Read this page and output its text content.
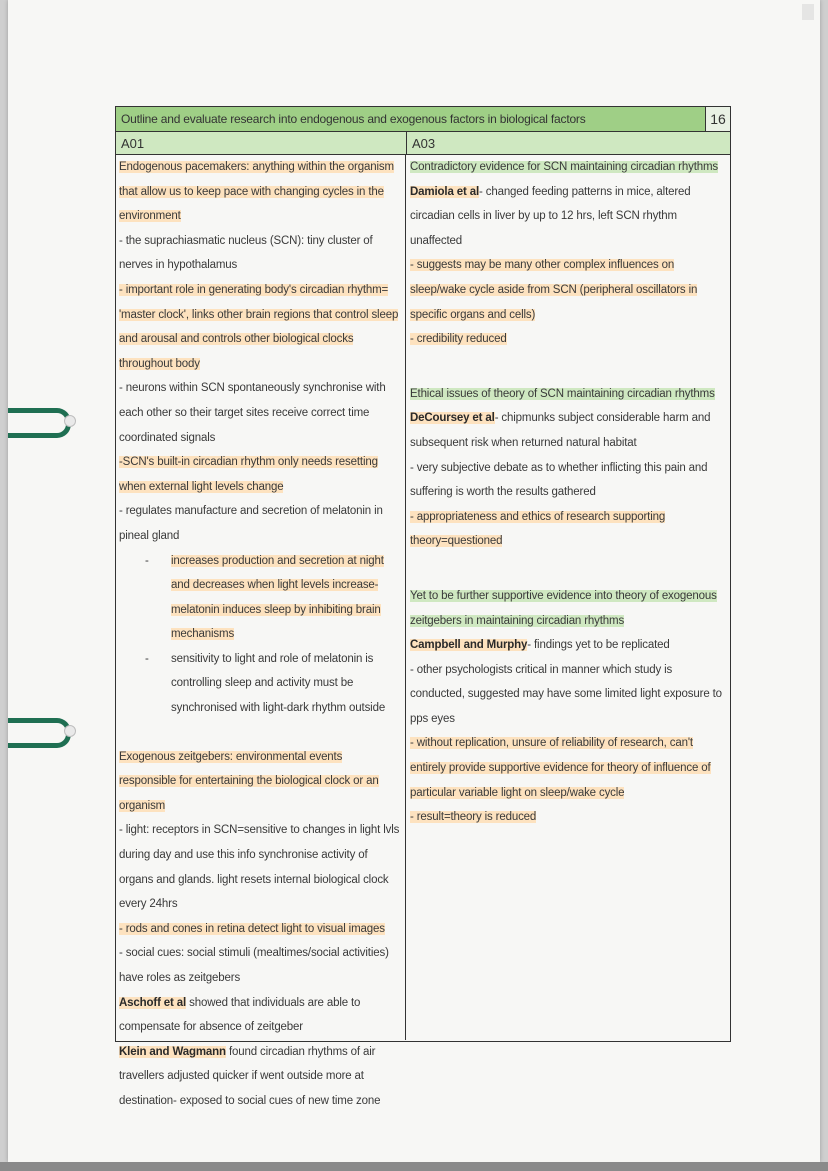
Outline and evaluate research into endogenous and exogenous factors in biological factors	16
A01	A03

Endogenous pacemakers: anything within the organism that allow us to keep pace with changing cycles in the environment

- the suprachiasmatic nucleus (SCN): tiny cluster of nerves in hypothalamus

- important role in generating body's circadian rhythm= 'master clock', links other brain regions that control sleep and arousal and controls other biological clocks throughout body

- neurons within SCN spontaneously synchronise with each other so their target sites receive correct time coordinated signals

-SCN's built-in circadian rhythm only needs resetting when external light levels change

- regulates manufacture and secretion of melatonin in pineal gland

- increases production and secretion at night and decreases when light levels increase- melatonin induces sleep by inhibiting brain mechanisms

- sensitivity to light and role of melatonin is controlling sleep and activity must be synchronised with light-dark rhythm outside

Exogenous zeitgebers: environmental events responsible for entertaining the biological clock or an organism

- light: receptors in SCN=sensitive to changes in light lvls during day and use this info synchronise activity of organs and glands. light resets internal biological clock every 24hrs

- rods and cones in retina detect light to visual images

- social cues: social stimuli (mealtimes/social activities) have roles as zeitgebers

Aschoff et al showed that individuals are able to compensate for absence of zeitgeber

Klein and Wagmann found circadian rhythms of air travellers adjusted quicker if went outside more at destination- exposed to social cues of new time zone

Contradictory evidence for SCN maintaining circadian rhythms

Damiola et al- changed feeding patterns in mice, altered circadian cells in liver by up to 12 hrs, left SCN rhythm unaffected

- suggests may be many other complex influences on sleep/wake cycle aside from SCN (peripheral oscillators in specific organs and cells)

- credibility reduced

Ethical issues of theory of SCN maintaining circadian rhythms

DeCoursey et al- chipmunks subject considerable harm and subsequent risk when returned natural habitat

- very subjective debate as to whether inflicting this pain and suffering is worth the results gathered

- appropriateness and ethics of research supporting theory=questioned

Yet to be further supportive evidence into theory of exogenous zeitgebers in maintaining circadian rhythms

Campbell and Murphy- findings yet to be replicated

- other psychologists critical in manner which study is conducted, suggested may have some limited light exposure to pps eyes

- without replication, unsure of reliability of research, can't entirely provide supportive evidence for theory of influence of particular variable light on sleep/wake cycle

- result=theory is reduced
